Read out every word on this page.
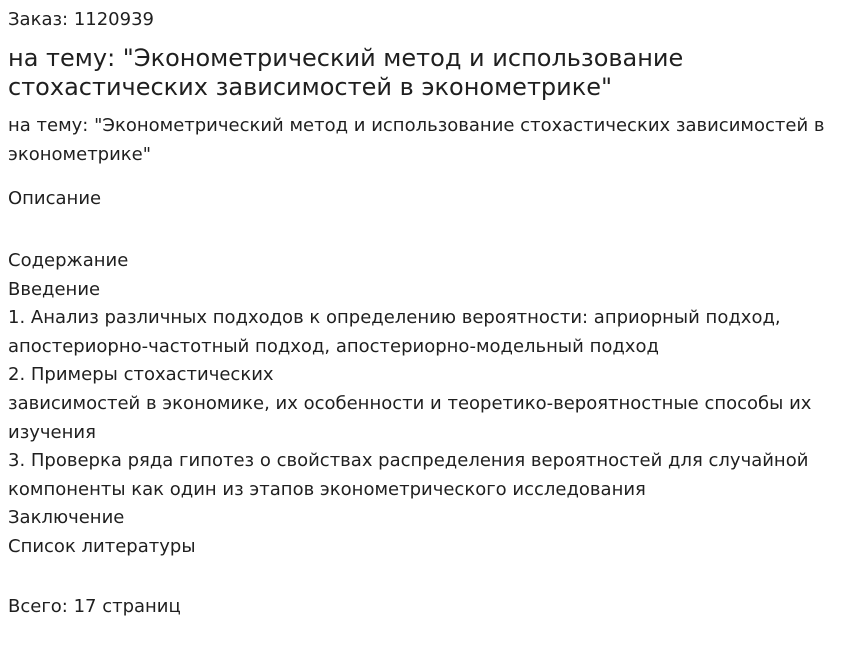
Заказ: 1120939
на тему: "Эконометрический метод и использование стохастических зависимостей в эконометрике"
на тему: "Эконометрический метод и использование стохастических зависимостей в эконометрике"
Описание
Содержание
Введение
1. Анализ различных подходов к определению вероятности: априорный подход, апостериорно-частотный подход, апостериорно-модельный подход
2. Примеры стохастических
зависимостей в экономике, их особенности и теоретико-вероятностные способы их изучения
3. Проверка ряда гипотез о свойствах распределения вероятностей для случайной компоненты как один из этапов эконометрического исследования
Заключение
Список литературы
Всего: 17 страниц
